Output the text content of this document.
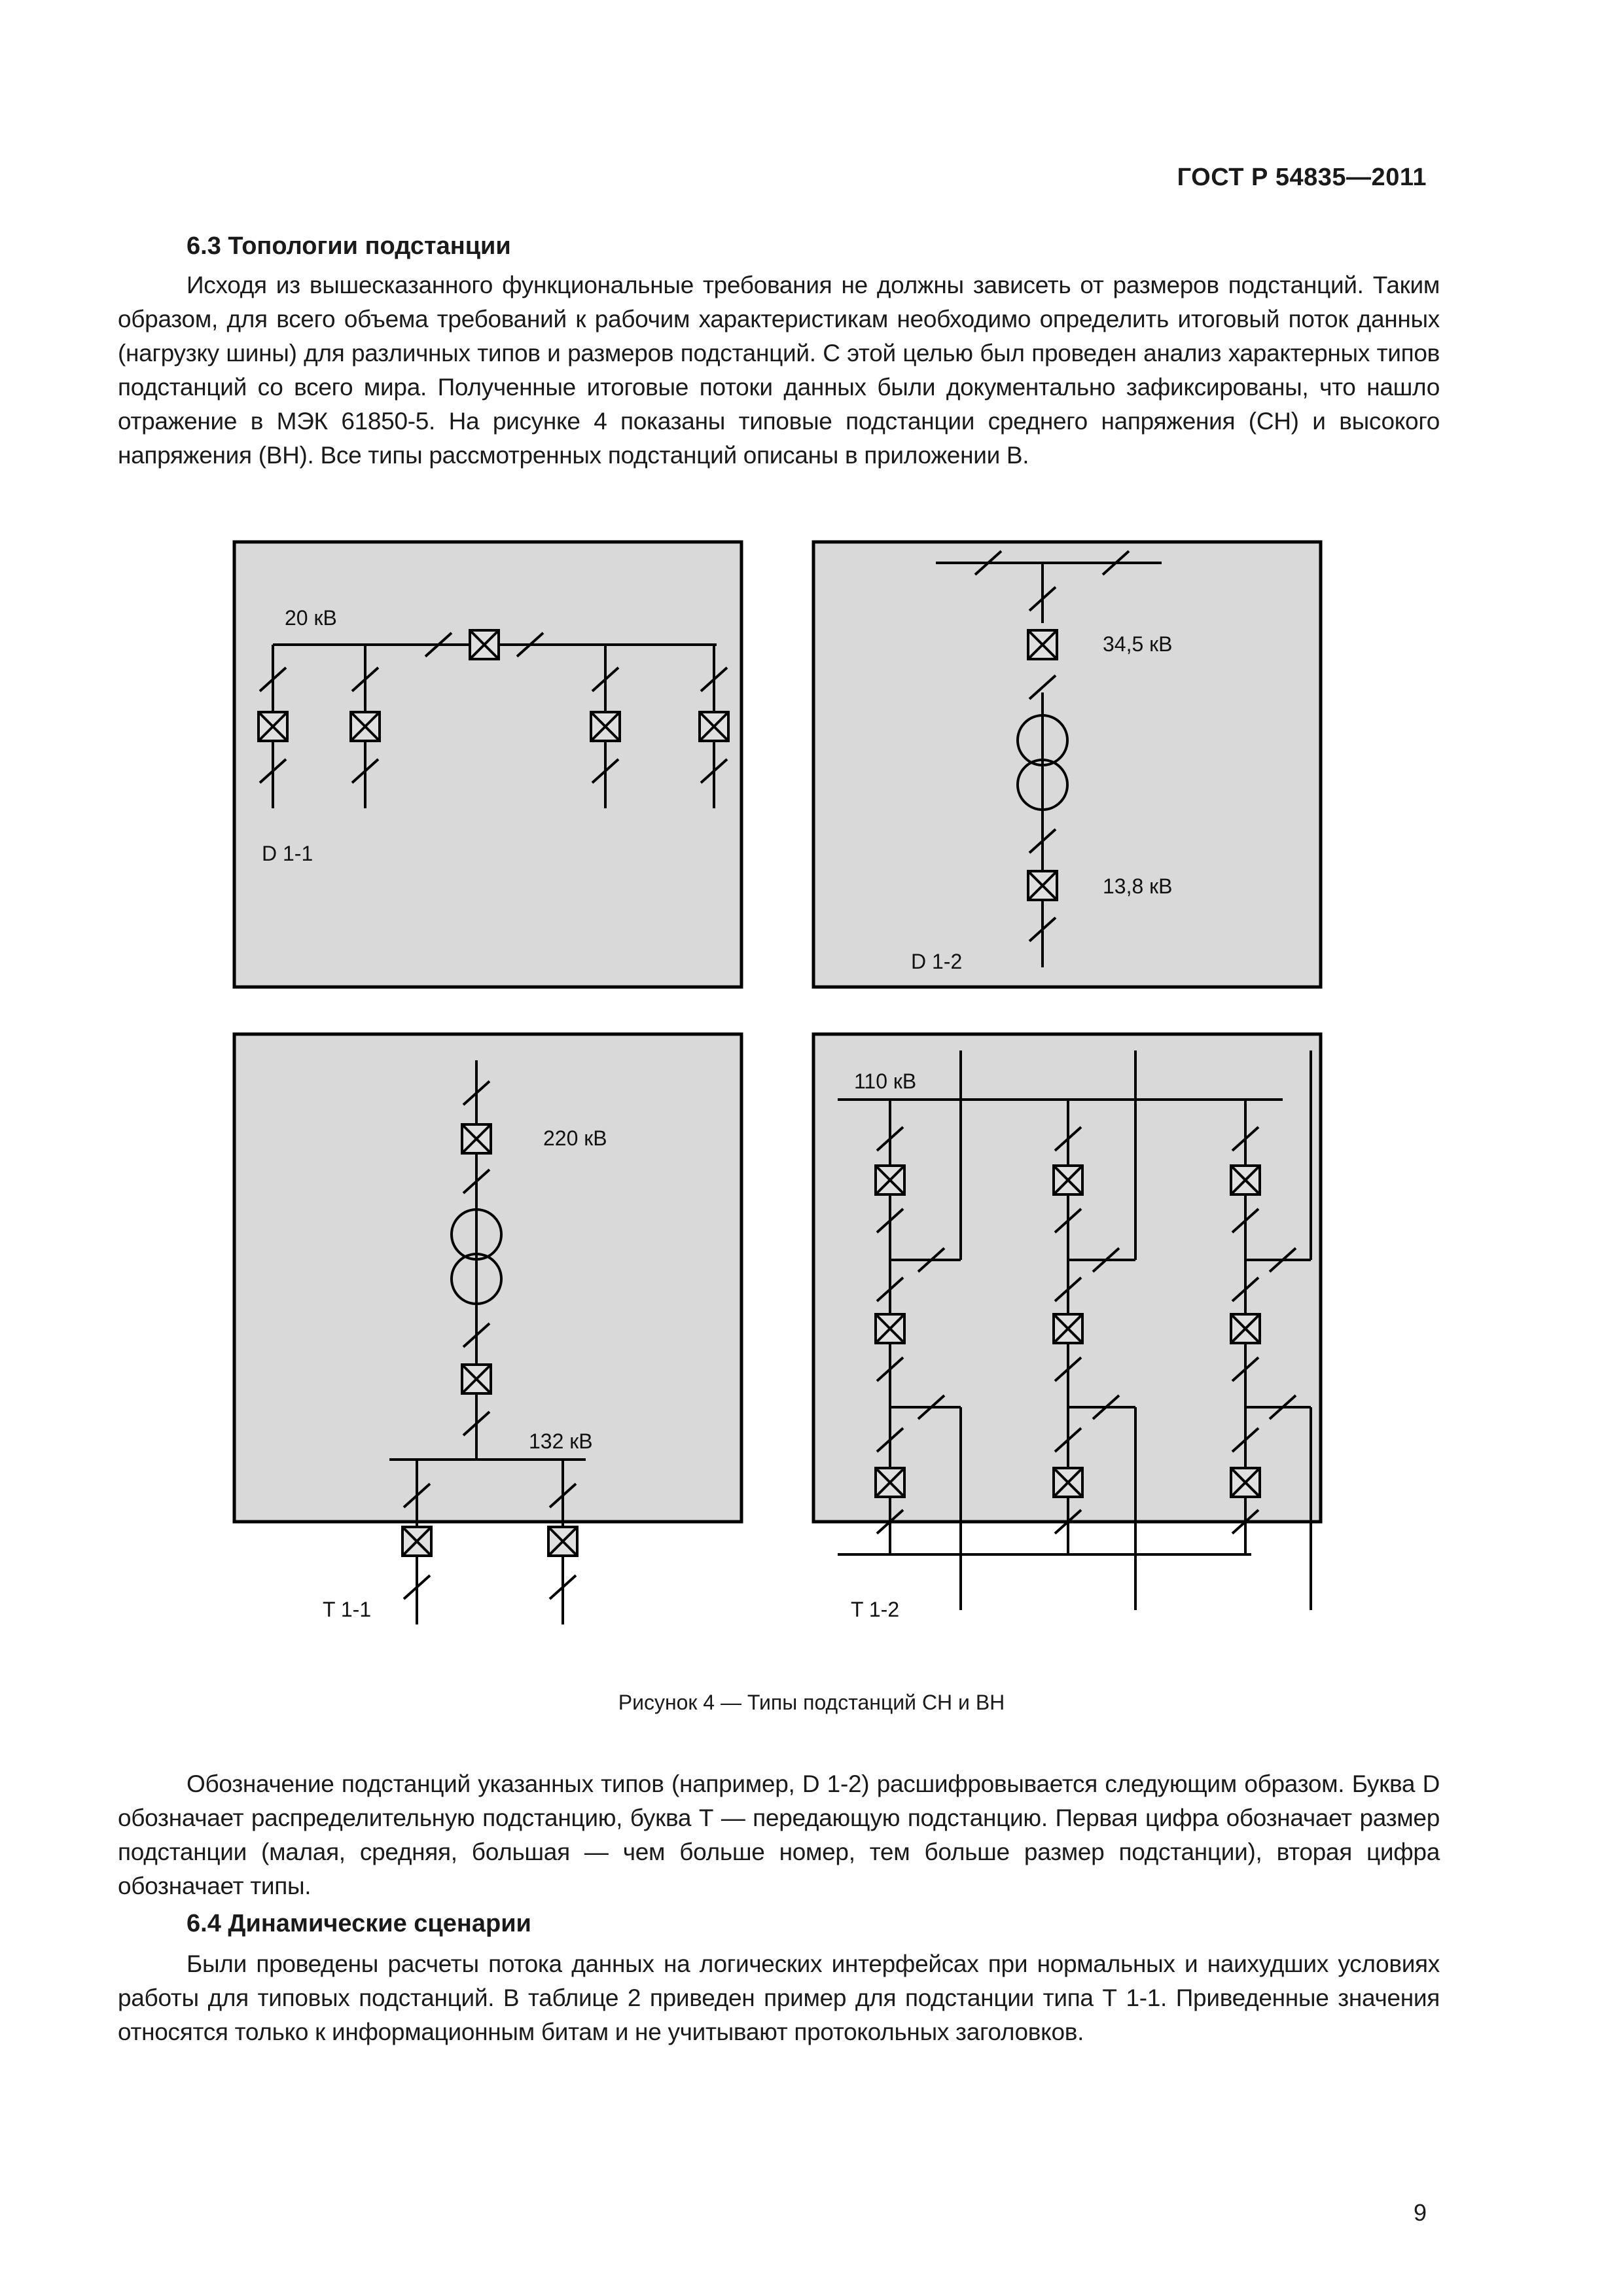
ГОСТ Р 54835—2011
6.3 Топологии подстанции

Исходя из вышесказанного функциональные требования не должны зависеть от размеров подстанций. Таким образом, для всего объема требований к рабочим характеристикам необходимо определить итоговый поток данных (нагрузку шины) для различных типов и размеров подстанций. С этой целью был проведен анализ характерных типов подстанций со всего мира. Полученные итоговые потоки данных были документально зафиксированы, что нашло отражение в МЭК 61850-5. На рисунке 4 показаны типовые подстанции среднего напряжения (СН) и высокого напряжения (ВН). Все типы рассмотренных подстанций описаны в приложении В.

20 кВ
D 1-1
34,5 кВ
13,8 кВ
D 1-2
220 кВ
132 кВ
T 1-1
110 кВ
T 1-2
Рисунок 4 — Типы подстанций СН и ВН

Обозначение подстанций указанных типов (например, D 1-2) расшифровывается следующим образом. Буква D обозначает распределительную подстанцию, буква Т — передающую подстанцию. Первая цифра обозначает размер подстанции (малая, средняя, большая — чем больше номер, тем больше размер подстанции), вторая цифра обозначает типы.

6.4 Динамические сценарии

Были проведены расчеты потока данных на логических интерфейсах при нормальных и наихудших условиях работы для типовых подстанций. В таблице 2 приведен пример для подстанции типа Т 1-1. Приведенные значения относятся только к информационным битам и не учитывают протокольных заголовков.

9
